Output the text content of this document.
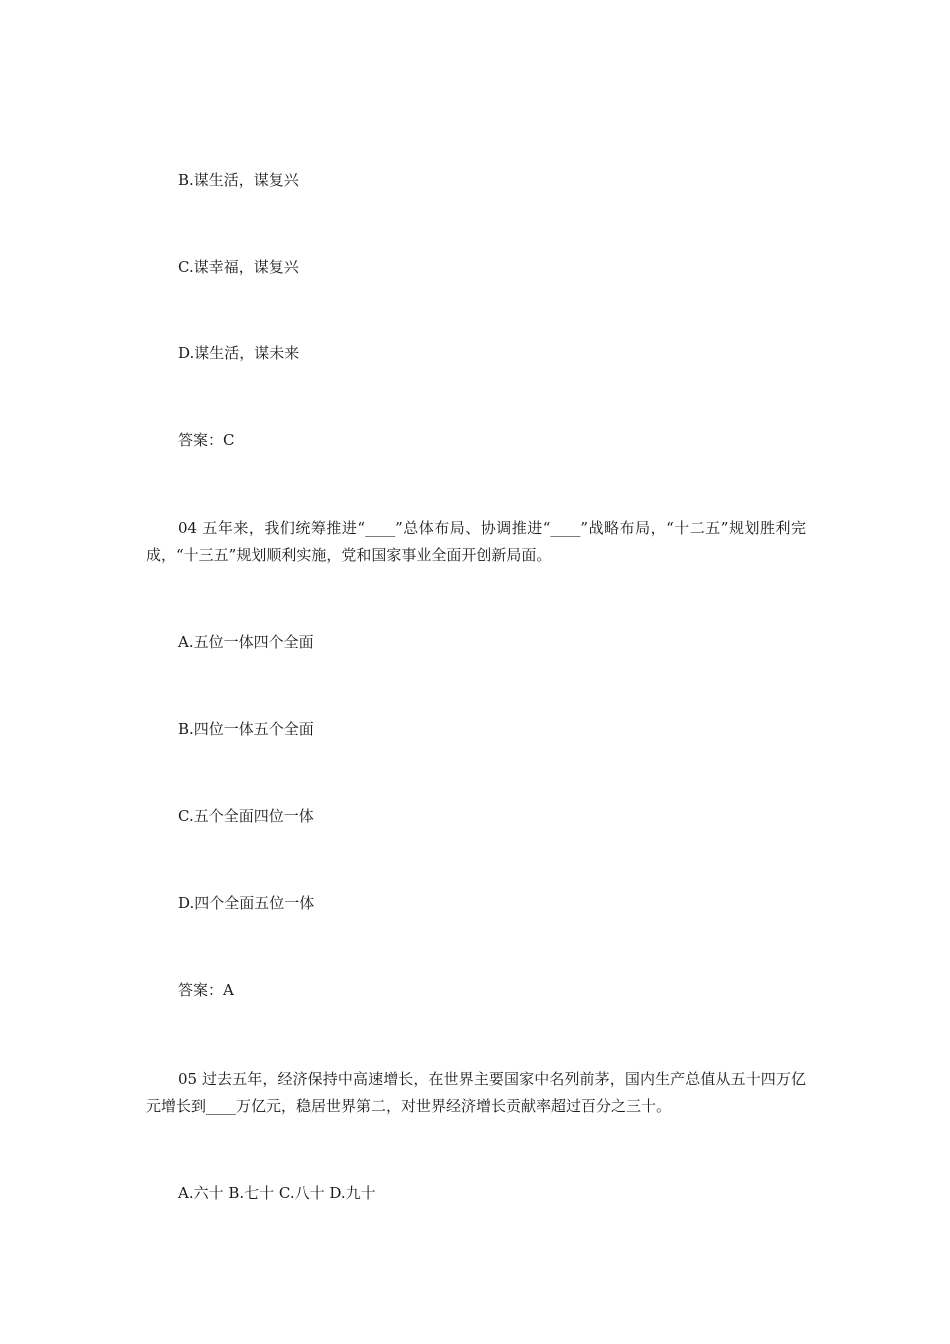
B.谋生活，谋复兴
C.谋幸福，谋复兴
D.谋生活，谋未来
答案：C
04 五年来，我们统筹推进“____”总体布局、协调推进“____”战略布局，“十二五”规划胜利完成，“十三五”规划顺利实施，党和国家事业全面开创新局面。
A.五位一体四个全面
B.四位一体五个全面
C.五个全面四位一体
D.四个全面五位一体
答案：A
05 过去五年，经济保持中高速增长，在世界主要国家中名列前茅，国内生产总值从五十四万亿元增长到____万亿元，稳居世界第二，对世界经济增长贡献率超过百分之三十。
A.六十 B.七十 C.八十 D.九十
